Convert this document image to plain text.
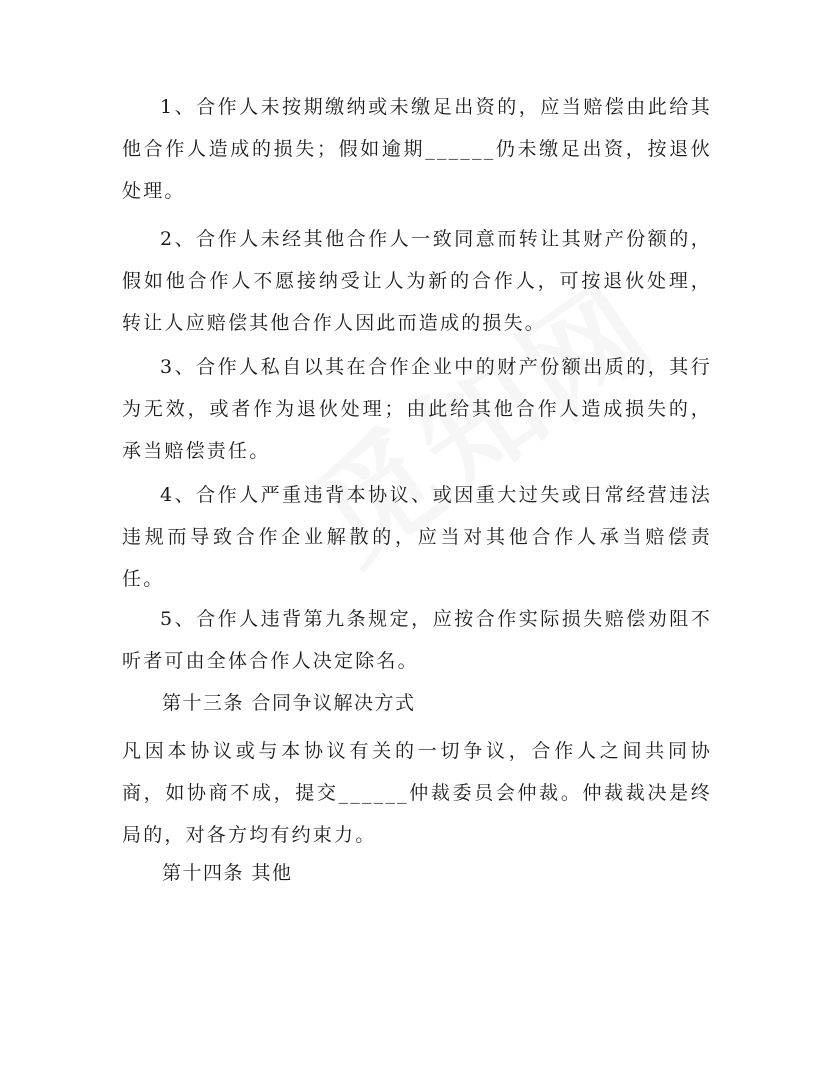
1、合作人未按期缴纳或未缴足出资的，应当赔偿由此给其他合作人造成的损失；假如逾期______仍未缴足出资，按退伙处理。

2、合作人未经其他合作人一致同意而转让其财产份额的，假如他合作人不愿接纳受让人为新的合作人，可按退伙处理，转让人应赔偿其他合作人因此而造成的损失。

3、合作人私自以其在合作企业中的财产份额出质的，其行为无效，或者作为退伙处理；由此给其他合作人造成损失的，承当赔偿责任。

4、合作人严重违背本协议、或因重大过失或日常经营违法违规而导致合作企业解散的，应当对其他合作人承当赔偿责任。

5、合作人违背第九条规定，应按合作实际损失赔偿劝阻不听者可由全体合作人决定除名。

第十三条 合同争议解决方式

凡因本协议或与本协议有关的一切争议，合作人之间共同协商，如协商不成，提交______仲裁委员会仲裁。仲裁裁决是终局的，对各方均有约束力。

第十四条 其他
